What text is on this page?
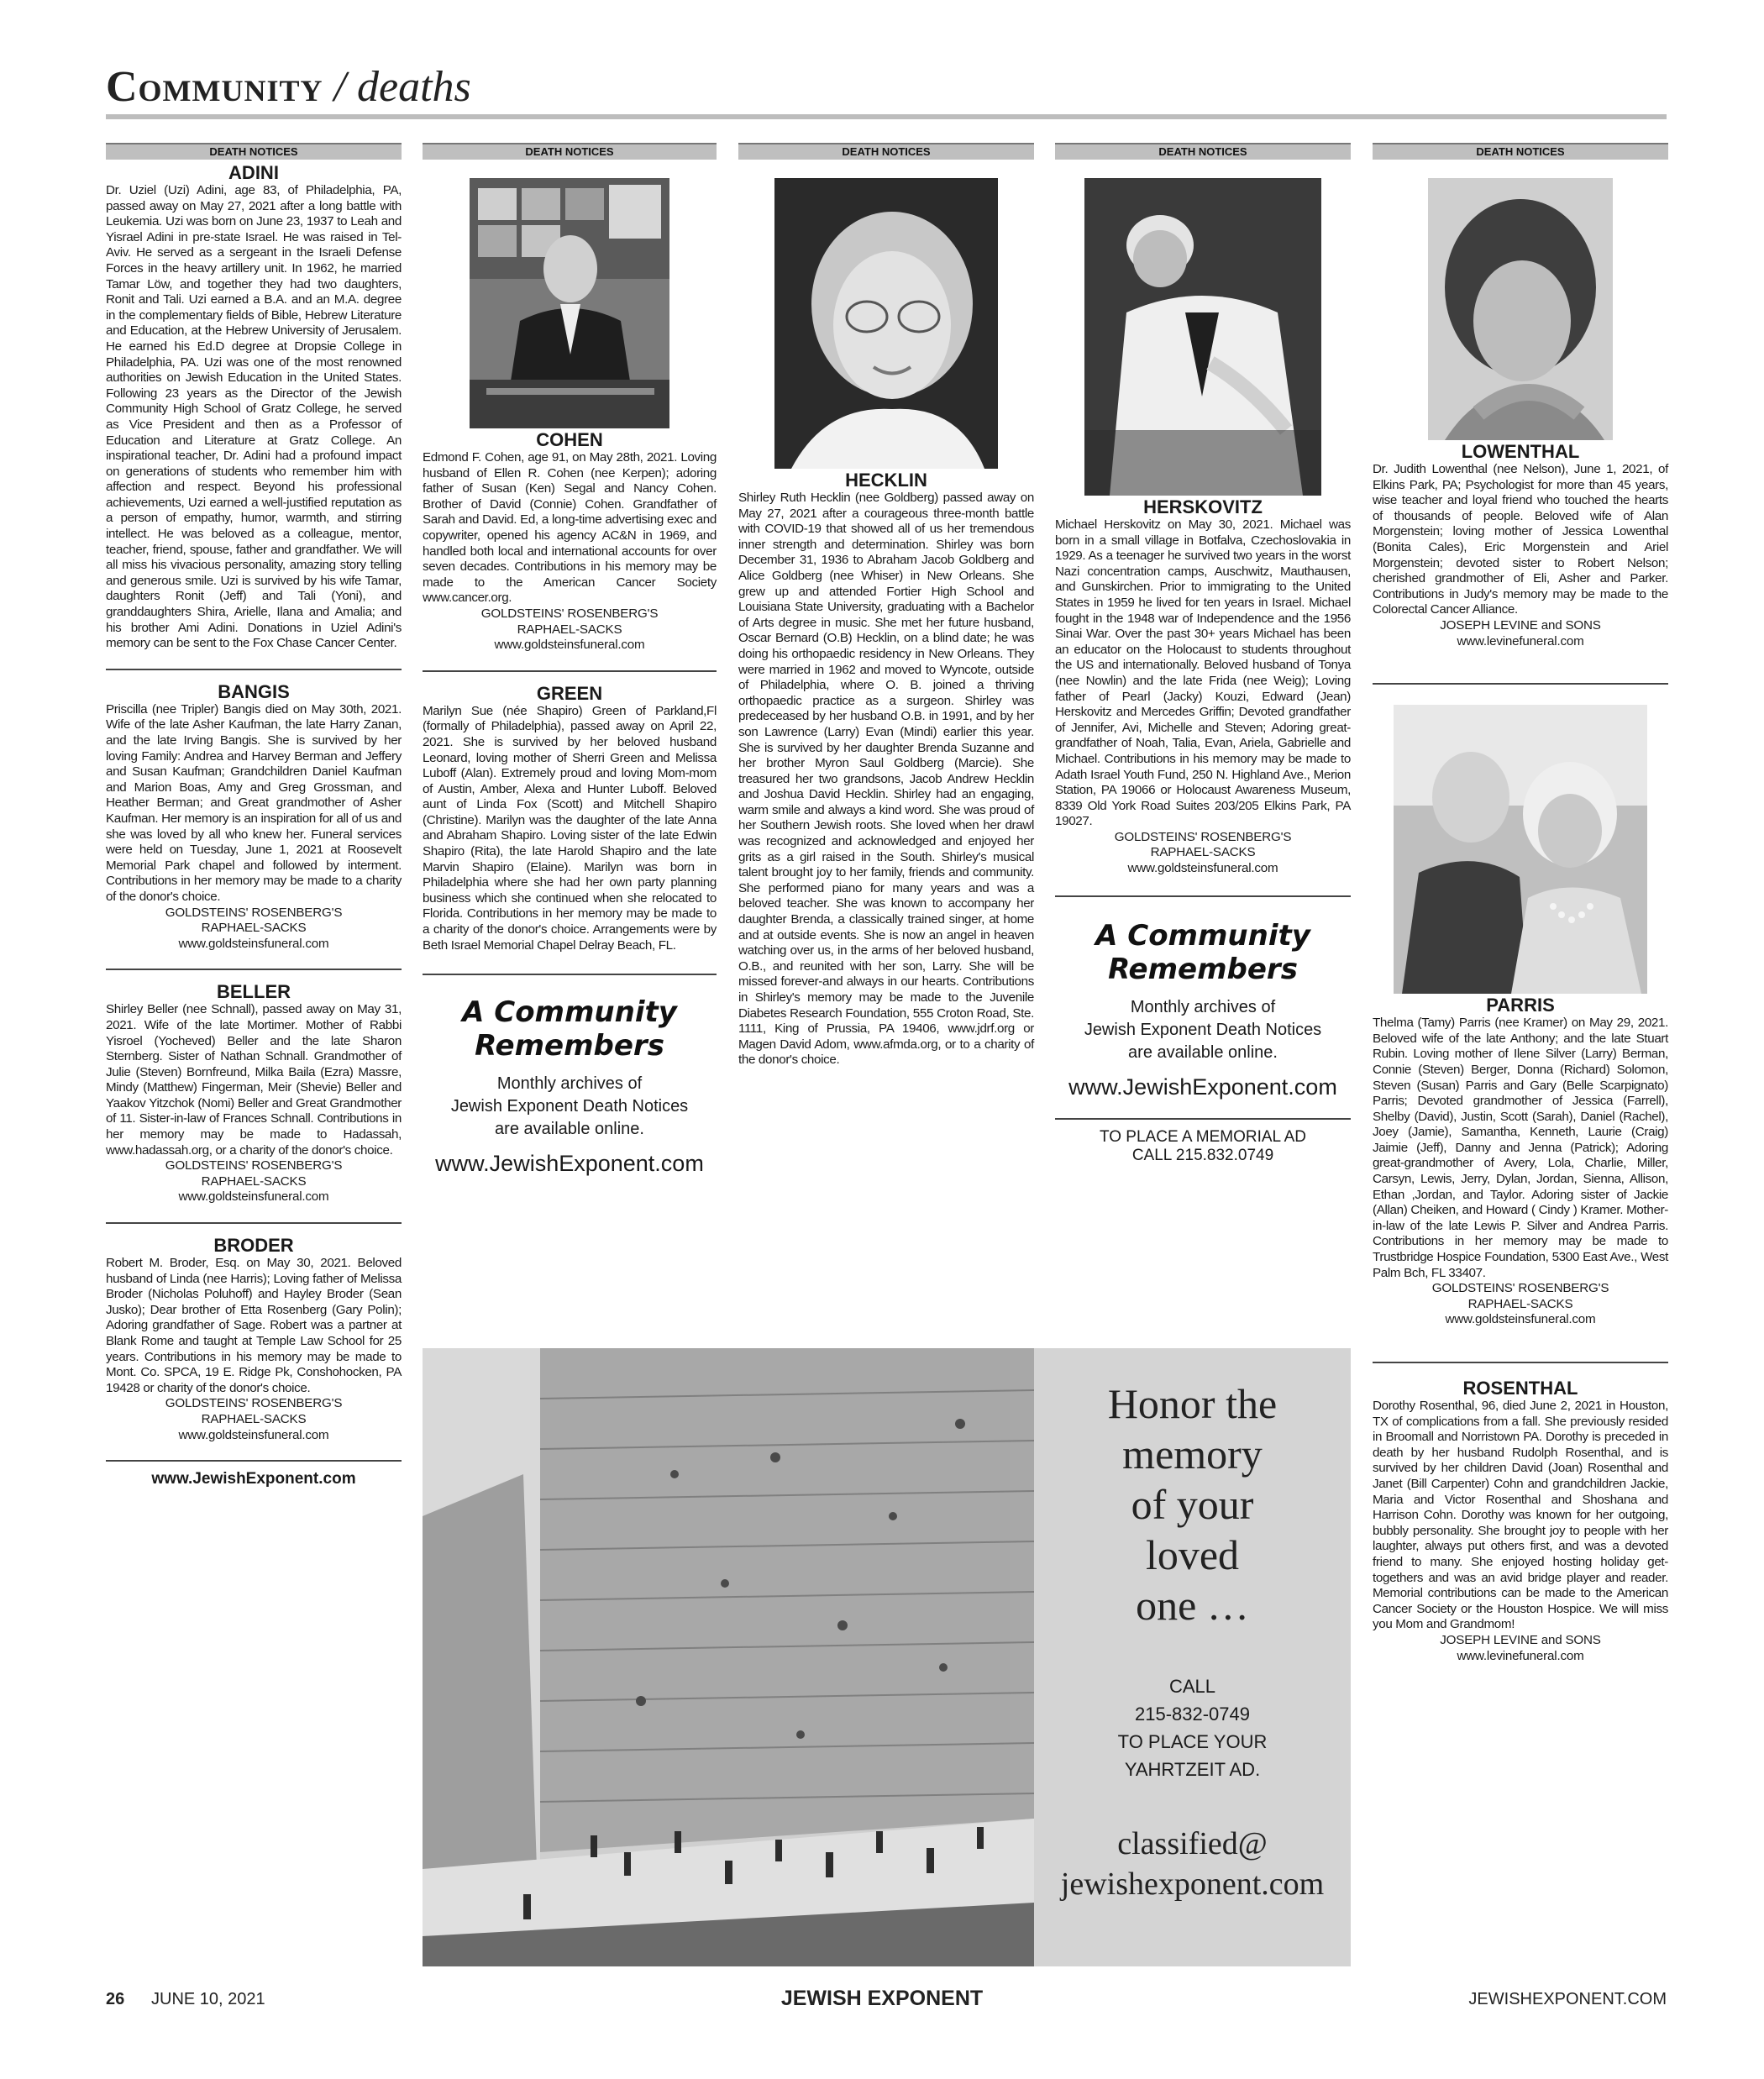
Community / deaths
DEATH NOTICES
ADINI
Dr. Uziel (Uzi) Adini, age 83, of Philadelphia, PA, passed away on May 27, 2021 after a long battle with Leukemia. Uzi was born on June 23, 1937 to Leah and Yisrael Adini in pre-state Israel. He was raised in Tel-Aviv. He served as a sergeant in the Israeli Defense Forces in the heavy artillery unit. In 1962, he married Tamar Löw, and together they had two daughters, Ronit and Tali. Uzi earned a B.A. and an M.A. degree in the complementary fields of Bible, Hebrew Literature and Education, at the Hebrew University of Jerusalem. He earned his Ed.D degree at Dropsie College in Philadelphia, PA. Uzi was one of the most renowned authorities on Jewish Education in the United States. Following 23 years as the Director of the Jewish Community High School of Gratz College, he served as Vice President and then as a Professor of Education and Literature at Gratz College. An inspirational teacher, Dr. Adini had a profound impact on generations of students who remember him with affection and respect. Beyond his professional achievements, Uzi earned a well-justified reputation as a person of empathy, humor, warmth, and stirring intellect. He was beloved as a colleague, mentor, teacher, friend, spouse, father and grandfather. We will all miss his vivacious personality, amazing story telling and generous smile. Uzi is survived by his wife Tamar, daughters Ronit (Jeff) and Tali (Yoni), and granddaughters Shira, Arielle, Ilana and Amalia; and his brother Ami Adini. Donations in Uziel Adini's memory can be sent to the Fox Chase Cancer Center.
BANGIS
Priscilla (nee Tripler) Bangis died on May 30th, 2021. Wife of the late Asher Kaufman, the late Harry Zanan, and the late Irving Bangis. She is survived by her loving Family: Andrea and Harvey Berman and Jeffery and Susan Kaufman; Grandchildren Daniel Kaufman and Marion Boas, Amy and Greg Grossman, and Heather Berman; and Great grandmother of Asher Kaufman. Her memory is an inspiration for all of us and she was loved by all who knew her. Funeral services were held on Tuesday, June 1, 2021 at Roosevelt Memorial Park chapel and followed by interment. Contributions in her memory may be made to a charity of the donor's choice.
GOLDSTEINS' ROSENBERG'S
RAPHAEL-SACKS
www.goldsteinsfuneral.com
BELLER
Shirley Beller (nee Schnall), passed away on May 31, 2021. Wife of the late Mortimer. Mother of Rabbi Yisroel (Yocheved) Beller and the late Sharon Sternberg. Sister of Nathan Schnall. Grandmother of Julie (Steven) Bornfreund, Milka Baila (Ezra) Massre, Mindy (Matthew) Fingerman, Meir (Shevie) Beller and Yaakov Yitzchok (Nomi) Beller and Great Grandmother of 11. Sister-in-law of Frances Schnall. Contributions in her memory may be made to Hadassah, www.hadassah.org, or a charity of the donor's choice.
GOLDSTEINS' ROSENBERG'S
RAPHAEL-SACKS
www.goldsteinsfuneral.com
BRODER
Robert M. Broder, Esq. on May 30, 2021. Beloved husband of Linda (nee Harris); Loving father of Melissa Broder (Nicholas Poluhoff) and Hayley Broder (Sean Jusko); Dear brother of Etta Rosenberg (Gary Polin); Adoring grandfather of Sage. Robert was a partner at Blank Rome and taught at Temple Law School for 25 years. Contributions in his memory may be made to Mont. Co. SPCA, 19 E. Ridge Pk, Conshohocken, PA 19428 or charity of the donor's choice.
GOLDSTEINS' ROSENBERG'S
RAPHAEL-SACKS
www.goldsteinsfuneral.com
www.JewishExponent.com
DEATH NOTICES
COHEN
Edmond F. Cohen, age 91, on May 28th, 2021. Loving husband of Ellen R. Cohen (nee Kerpen); adoring father of Susan (Ken) Segal and Nancy Cohen. Brother of David (Connie) Cohen. Grandfather of Sarah and David. Ed, a long-time advertising exec and copywriter, opened his agency AC&N in 1969, and handled both local and international accounts for over seven decades. Contributions in his memory may be made to the American Cancer Society www.cancer.org.
GOLDSTEINS' ROSENBERG'S
RAPHAEL-SACKS
www.goldsteinsfuneral.com
GREEN
Marilyn Sue (née Shapiro) Green of Parkland,Fl (formally of Philadelphia), passed away on April 22, 2021. She is survived by her beloved husband Leonard, loving mother of Sherri Green and Melissa Luboff (Alan). Extremely proud and loving Mom-mom of Austin, Amber, Alexa and Hunter Luboff. Beloved aunt of Linda Fox (Scott) and Mitchell Shapiro (Christine). Marilyn was the daughter of the late Anna and Abraham Shapiro. Loving sister of the late Edwin Shapiro (Rita), the late Harold Shapiro and the late Marvin Shapiro (Elaine). Marilyn was born in Philadelphia where she had her own party planning business which she continued when she relocated to Florida. Contributions in her memory may be made to a charity of the donor's choice. Arrangements were by Beth Israel Memorial Chapel Delray Beach, FL.
A Community
Remembers
Monthly archives of
Jewish Exponent Death Notices
are available online.
www.JewishExponent.com
DEATH NOTICES
HECKLIN
Shirley Ruth Hecklin (nee Goldberg) passed away on May 27, 2021 after a courageous three-month battle with COVID-19 that showed all of us her tremendous inner strength and determination. Shirley was born December 31, 1936 to Abraham Jacob Goldberg and Alice Goldberg (nee Whiser) in New Orleans. She grew up and attended Fortier High School and Louisiana State University, graduating with a Bachelor of Arts degree in music. She met her future husband, Oscar Bernard (O.B) Hecklin, on a blind date; he was doing his orthopaedic residency in New Orleans. They were married in 1962 and moved to Wyncote, outside of Philadelphia, where O. B. joined a thriving orthopaedic practice as a surgeon. Shirley was predeceased by her husband O.B. in 1991, and by her son Lawrence (Larry) Evan (Mindi) earlier this year. She is survived by her daughter Brenda Suzanne and her brother Myron Saul Goldberg (Marcie). She treasured her two grandsons, Jacob Andrew Hecklin and Joshua David Hecklin. Shirley had an engaging, warm smile and always a kind word. She was proud of her Southern Jewish roots. She loved when her drawl was recognized and acknowledged and enjoyed her grits as a girl raised in the South. Shirley's musical talent brought joy to her family, friends and community. She performed piano for many years and was a beloved teacher. She was known to accompany her daughter Brenda, a classically trained singer, at home and at outside events. She is now an angel in heaven watching over us, in the arms of her beloved husband, O.B., and reunited with her son, Larry. She will be missed forever-and always in our hearts. Contributions in Shirley's memory may be made to the Juvenile Diabetes Research Foundation, 555 Croton Road, Ste. 1111, King of Prussia, PA 19406, www.jdrf.org or Magen David Adom, www.afmda.org, or to a charity of the donor's choice.
DEATH NOTICES
HERSKOVITZ
Michael Herskovitz on May 30, 2021. Michael was born in a small village in Botfalva, Czechoslovakia in 1929. As a teenager he survived two years in the worst Nazi concentration camps, Auschwitz, Mauthausen, and Gunskirchen. Prior to immigrating to the United States in 1959 he lived for ten years in Israel. Michael fought in the 1948 war of Independence and the 1956 Sinai War. Over the past 30+ years Michael has been an educator on the Holocaust to students throughout the US and internationally. Beloved husband of Tonya (nee Nowlin) and the late Frida (nee Weig); Loving father of Pearl (Jacky) Kouzi, Edward (Jean) Herskovitz and Mercedes Griffin; Devoted grandfather of Jennifer, Avi, Michelle and Steven; Adoring great-grandfather of Noah, Talia, Evan, Ariela, Gabrielle and Michael. Contributions in his memory may be made to Adath Israel Youth Fund, 250 N. Highland Ave., Merion Station, PA 19066 or Holocaust Awareness Museum, 8339 Old York Road Suites 203/205 Elkins Park, PA 19027.
GOLDSTEINS' ROSENBERG'S
RAPHAEL-SACKS
www.goldsteinsfuneral.com
A Community
Remembers
Monthly archives of
Jewish Exponent Death Notices
are available online.
www.JewishExponent.com
TO PLACE A MEMORIAL AD
CALL 215.832.0749
Honor the
memory
of your
loved
one …
CALL
215-832-0749
TO PLACE YOUR
YAHRTZEIT AD.
classified@
jewishexponent.com
DEATH NOTICES
LOWENTHAL
Dr. Judith Lowenthal (nee Nelson), June 1, 2021, of Elkins Park, PA; Psychologist for more than 45 years, wise teacher and loyal friend who touched the hearts of thousands of people. Beloved wife of Alan Morgenstein; loving mother of Jessica Lowenthal (Bonita Cales), Eric Morgenstein and Ariel Morgenstein; devoted sister to Robert Nelson; cherished grandmother of Eli, Asher and Parker. Contributions in Judy's memory may be made to the Colorectal Cancer Alliance.
JOSEPH LEVINE and SONS
www.levinefuneral.com
PARRIS
Thelma (Tamy) Parris (nee Kramer) on May 29, 2021. Beloved wife of the late Anthony; and the late Stuart Rubin. Loving mother of Ilene Silver (Larry) Berman, Connie (Steven) Berger, Donna (Richard) Solomon, Steven (Susan) Parris and Gary (Belle Scarpignato) Parris; Devoted grandmother of Jessica (Farrell), Shelby (David), Justin, Scott (Sarah), Daniel (Rachel), Joey (Jamie), Samantha, Kenneth, Laurie (Craig) Jaimie (Jeff), Danny and Jenna (Patrick); Adoring great-grandmother of Avery, Lola, Charlie, Miller, Carsyn, Lewis, Jerry, Dylan, Jordan, Sienna, Allison, Ethan ,Jordan, and Taylor. Adoring sister of Jackie (Allan) Cheiken, and Howard ( Cindy ) Kramer. Mother-in-law of the late Lewis P. Silver and Andrea Parris. Contributions in her memory may be made to Trustbridge Hospice Foundation, 5300 East Ave., West Palm Bch, FL 33407.
GOLDSTEINS' ROSENBERG'S
RAPHAEL-SACKS
www.goldsteinsfuneral.com
ROSENTHAL
Dorothy Rosenthal, 96, died June 2, 2021 in Houston, TX of complications from a fall. She previously resided in Broomall and Norristown PA. Dorothy is preceded in death by her husband Rudolph Rosenthal, and is survived by her children David (Joan) Rosenthal and Janet (Bill Carpenter) Cohn and grandchildren Jackie, Maria and Victor Rosenthal and Shoshana and Harrison Cohn. Dorothy was known for her outgoing, bubbly personality. She brought joy to people with her laughter, always put others first, and was a devoted friend to many. She enjoyed hosting holiday get-togethers and was an avid bridge player and reader. Memorial contributions can be made to the American Cancer Society or the Houston Hospice. We will miss you Mom and Grandmom!
JOSEPH LEVINE and SONS
www.levinefuneral.com
26 JUNE 10, 2021	JEWISH EXPONENT	JEWISHEXPONENT.COM
